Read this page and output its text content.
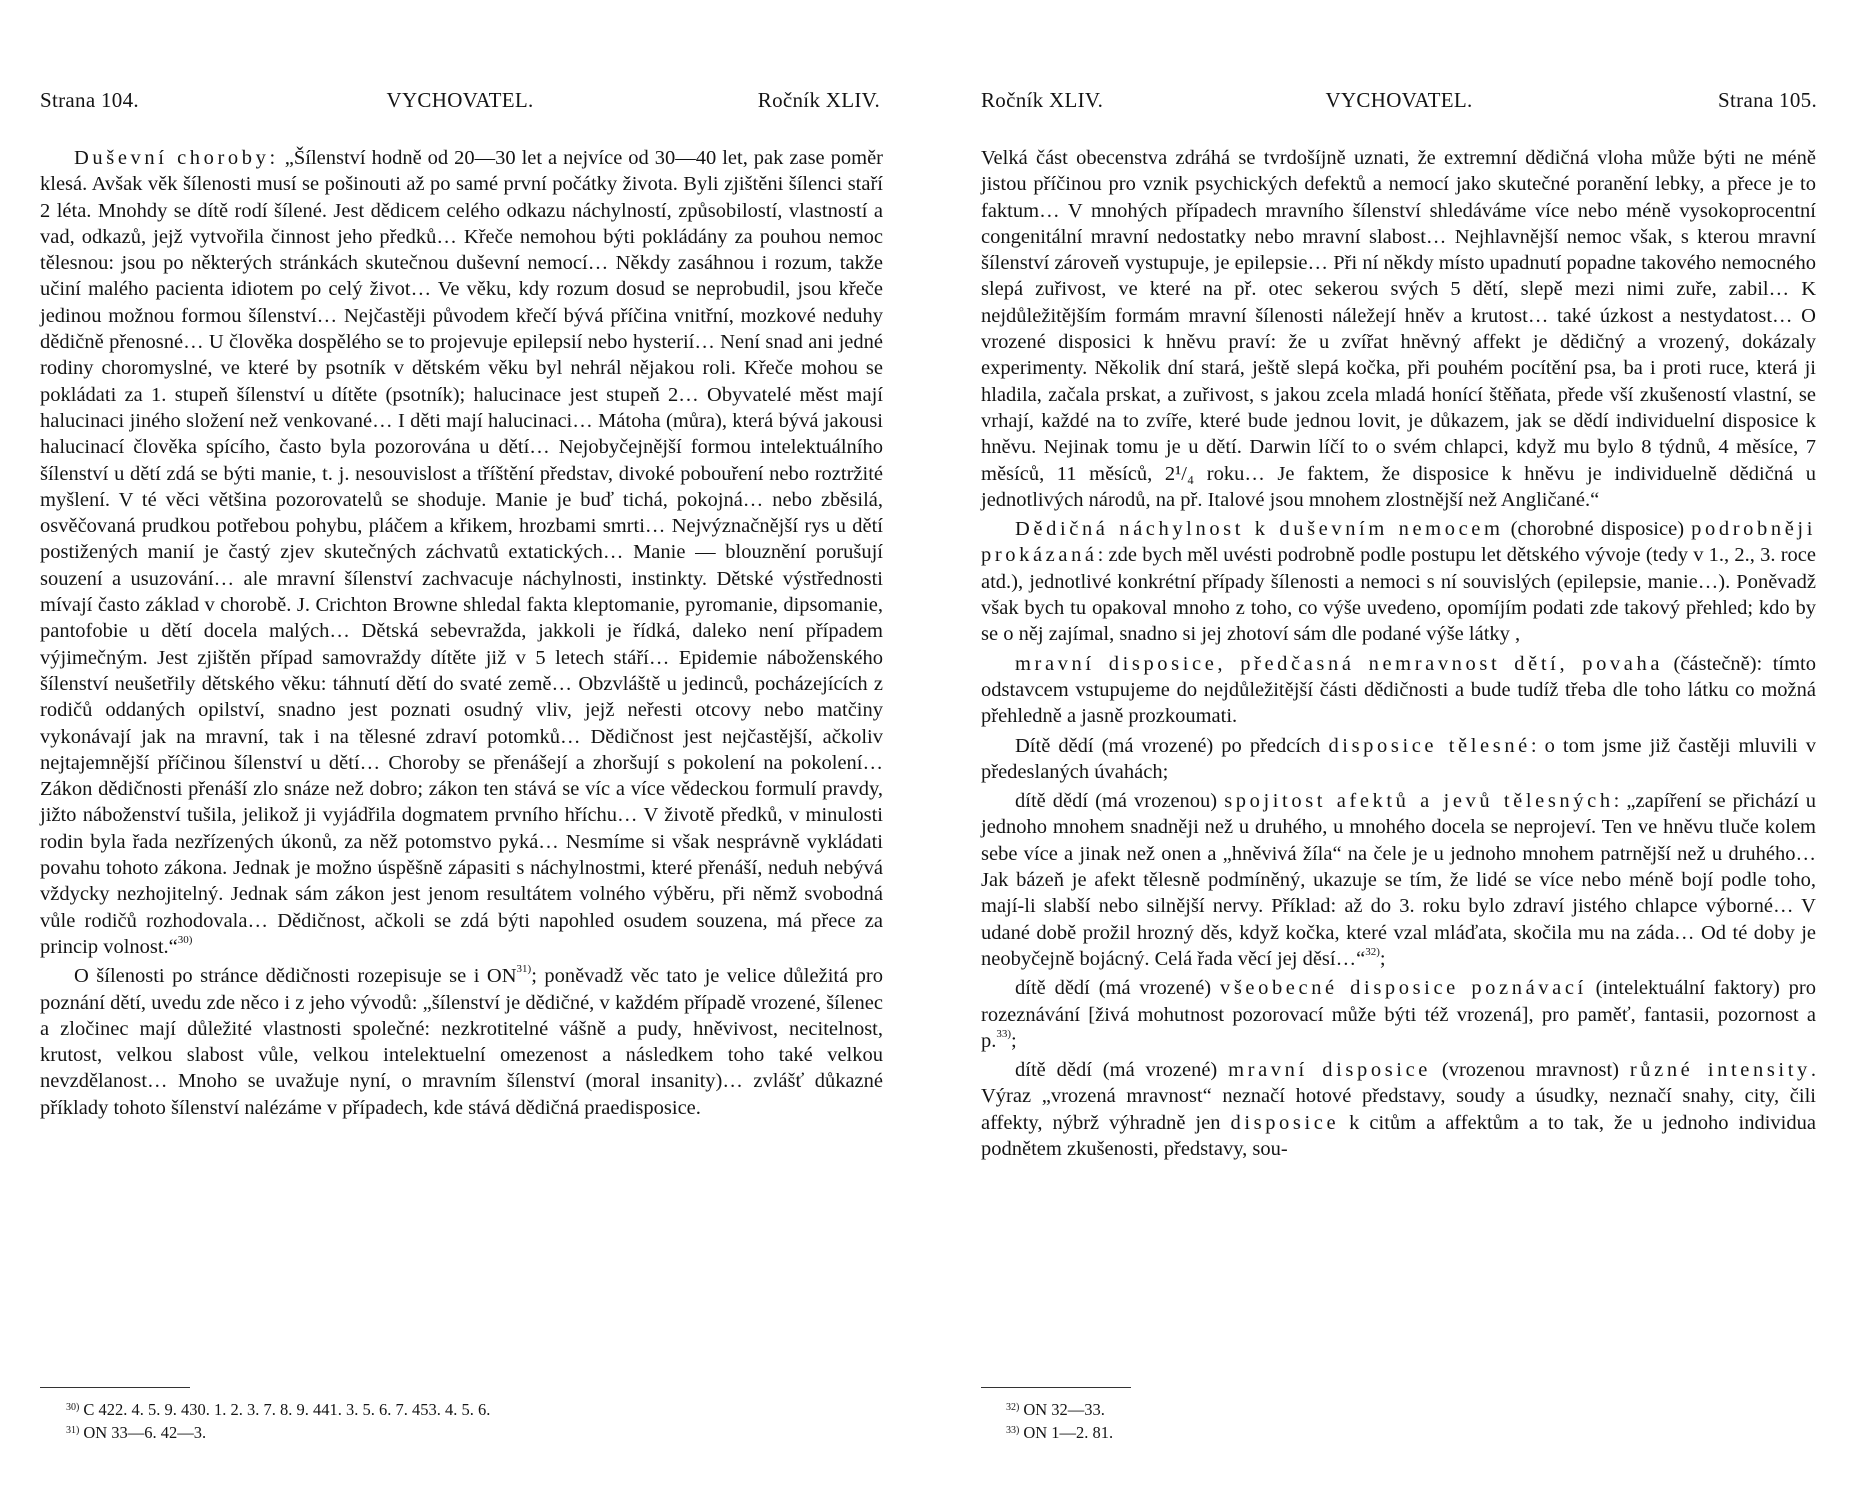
Strana 104.	VYCHOVATEL.	Ročník XLIV.

Duševní choroby: „Šílenství hodně od 20—30 let a nejvíce od 30—40 let, pak zase poměr klesá. Avšak věk šílenosti musí se pošinouti až po samé první počátky života. Byli zjištěni šílenci staří 2 léta. Mnohdy se dítě rodí šílené. Jest dědicem celého odkazu náchylností, způsobilostí, vlastností a vad, odkazů, jejž vytvořila činnost jeho předků… Křeče nemohou býti pokládány za pouhou nemoc tělesnou: jsou po některých stránkách skutečnou duševní nemocí… Někdy zasáhnou i rozum, takže učiní malého pacienta idiotem po celý život… Ve věku, kdy rozum dosud se neprobudil, jsou křeče jedinou možnou formou šílenství… Nejčastěji původem křečí bývá příčina vnitřní, mozkové neduhy dědičně přenosné… U člověka dospělého se to projevuje epilepsií nebo hysterií… Není snad ani jedné rodiny choromyslné, ve které by psotník v dětském věku byl nehrál nějakou roli. Křeče mohou se pokládati za 1. stupeň šílenství u dítěte (psotník); halucinace jest stupeň 2… Obyvatelé měst mají halucinaci jiného složení než venkované… I děti mají halucinaci… Mátoha (můra), která bývá jakousi halucinací člověka spícího, často byla pozorována u dětí… Nejobyčejnější formou intelektuálního šílenství u dětí zdá se býti manie, t. j. nesouvislost a tříštění představ, divoké pobouření nebo roztržité myšlení. V té věci většina pozorovatelů se shoduje. Manie je buď tichá, pokojná… nebo zběsilá, osvěčovaná prudkou potřebou pohybu, pláčem a křikem, hrozbami smrti… Nejvýznačnější rys u dětí postižených manií je častý zjev skutečných záchvatů extatických… Manie — blouznění porušují souzení a usuzování… ale mravní šílenství zachvacuje náchylnosti, instinkty. Dětské výstřednosti mívají často základ v chorobě. J. Crichton Browne shledal fakta kleptomanie, pyromanie, dipsomanie, pantofobie u dětí docela malých… Dětská sebevražda, jakkoli je řídká, daleko není případem výjimečným. Jest zjištěn případ samovraždy dítěte již v 5 letech stáří… Epidemie náboženského šílenství neušetřily dětského věku: táhnutí dětí do svaté země… Obzvláště u jedinců, pocházejících z rodičů oddaných opilství, snadno jest poznati osudný vliv, jejž neřesti otcovy nebo matčiny vykonávají jak na mravní, tak i na tělesné zdraví potomků… Dědičnost jest nejčastější, ačkoliv nejtajemnější příčinou šílenství u dětí… Choroby se přenášejí a zhoršují s pokolení na pokolení… Zákon dědičnosti přenáší zlo snáze než dobro; zákon ten stává se víc a více vědeckou formulí pravdy, jižto náboženství tušila, jelikož ji vyjádřila dogmatem prvního hříchu… V životě předků, v minulosti rodin byla řada nezřízených úkonů, za něž potomstvo pyká… Nesmíme si však nesprávně vykládati povahu tohoto zákona. Jednak je možno úspěšně zápasiti s náchylnostmi, které přenáší, neduh nebývá vždycky nezhojitelný. Jednak sám zákon jest jenom resultátem volného výběru, při němž svobodná vůle rodičů rozhodovala… Dědičnost, ačkoli se zdá býti napohled osudem souzena, má přece za princip volnost.“$^{30)}$

O šílenosti po stránce dědičnosti rozepisuje se i ON$^{31)}$; poněvadž věc tato je velice důležitá pro poznání dětí, uvedu zde něco i z jeho vývodů: „šílenství je dědičné, v každém případě vrozené, šílenec a zločinec mají důležité vlastnosti společné: nezkrotitelné vášně a pudy, hněvivost, necitelnost, krutost, velkou slabost vůle, velkou intelektuelní omezenost a následkem toho také velkou nevzdělanost… Mnoho se uvažuje nyní, o mravním šílenství (moral insanity)… zvlášť důkazné příklady tohoto šílenství nalézáme v případech, kde stává dědičná praedisposice.

$^{30)}$ C 422. 4. 5. 9. 430. 1. 2. 3. 7. 8. 9. 441. 3. 5. 6. 7. 453. 4. 5. 6.
$^{31)}$ ON 33—6. 42—3.
Ročník XLIV.	VYCHOVATEL.	Strana 105.

Velká část obecenstva zdráhá se tvrdošíjně uznati, že extremní dědičná vloha může býti ne méně jistou příčinou pro vznik psychických defektů a nemocí jako skutečné poranění lebky, a přece je to faktum… V mnohých případech mravního šílenství shledáváme více nebo méně vysokoprocentní congenitální mravní nedostatky nebo mravní slabost… Nejhlavnější nemoc však, s kterou mravní šílenství zároveň vystupuje, je epilepsie… Při ní někdy místo upadnutí popadne takového nemocného slepá zuřivost, ve které na př. otec sekerou svých 5 dětí, slepě mezi nimi zuře, zabil… K nejdůležitějším formám mravní šílenosti náležejí hněv a krutost… také úzkost a nestydatost… O vrozené disposici k hněvu praví: že u zvířat hněvný affekt je dědičný a vrozený, dokázaly experimenty. Několik dní stará, ještě slepá kočka, při pouhém pocítění psa, ba i proti ruce, která ji hladila, začala prskat, a zuřivost, s jakou zcela mladá honící štěňata, přede vší zkušeností vlastní, se vrhají, každé na to zvíře, které bude jednou lovit, je důkazem, jak se dědí individuelní disposice k hněvu. Nejinak tomu je u dětí. Darwin líčí to o svém chlapci, když mu bylo 8 týdnů, 4 měsíce, 7 měsíců, 11 měsíců, 2¹/₄ roku… Je faktem, že disposice k hněvu je individuelně dědičná u jednotlivých národů, na př. Italové jsou mnohem zlostnější než Angličané.“

Dědičná náchylnost k duševním nemocem (chorobné disposice) podrobněji prokázaná: zde bych měl uvésti podrobně podle postupu let dětského vývoje (tedy v 1., 2., 3. roce atd.), jednotlivé konkrétní případy šílenosti a nemoci s ní souvislých (epilepsie, manie…). Poněvadž však bych tu opakoval mnoho z toho, co výše uvedeno, opomíjím podati zde takový přehled; kdo by se o něj zajímal, snadno si jej zhotoví sám dle podané výše látky ,

mravní disposice, předčasná nemravnost dětí, povaha (částečně): tímto odstavcem vstupujeme do nejdůležitější části dědičnosti a bude tudíž třeba dle toho látku co možná přehledně a jasně prozkoumati.

Dítě dědí (má vrozené) po předcích disposice tělesné: o tom jsme již častěji mluvili v předeslaných úvahách;

dítě dědí (má vrozenou) spojitost afektů a jevů tělesných: „zapíření se přichází u jednoho mnohem snadněji než u druhého, u mnohého docela se neprojeví. Ten ve hněvu tluče kolem sebe více a jinak než onen a „hněvivá žíla“ na čele je u jednoho mnohem patrnější než u druhého… Jak bázeň je afekt tělesně podmíněný, ukazuje se tím, že lidé se více nebo méně bojí podle toho, mají-li slabší nebo silnější nervy. Příklad: až do 3. roku bylo zdraví jistého chlapce výborné… V udané době prožil hrozný děs, když kočka, které vzal mláďata, skočila mu na záda… Od té doby je neobyčejně bojácný. Celá řada věcí jej děsí…“$^{32)}$;

dítě dědí (má vrozené) všeobecné disposice poznávací (intelektuální faktory) pro rozeznávání [živá mohutnost pozorovací může býti též vrozená], pro paměť, fantasii, pozornost a p.$^{33)}$;

dítě dědí (má vrozené) mravní disposice (vrozenou mravnost) různé intensity. Výraz „vrozená mravnost“ neznačí hotové představy, soudy a úsudky, neznačí snahy, city, čili affekty, nýbrž výhradně jen disposice k citům a affektům a to tak, že u jednoho individua podnětem zkušenosti, představy, sou-

$^{32)}$ ON 32—33.
$^{33)}$ ON 1—2. 81.
